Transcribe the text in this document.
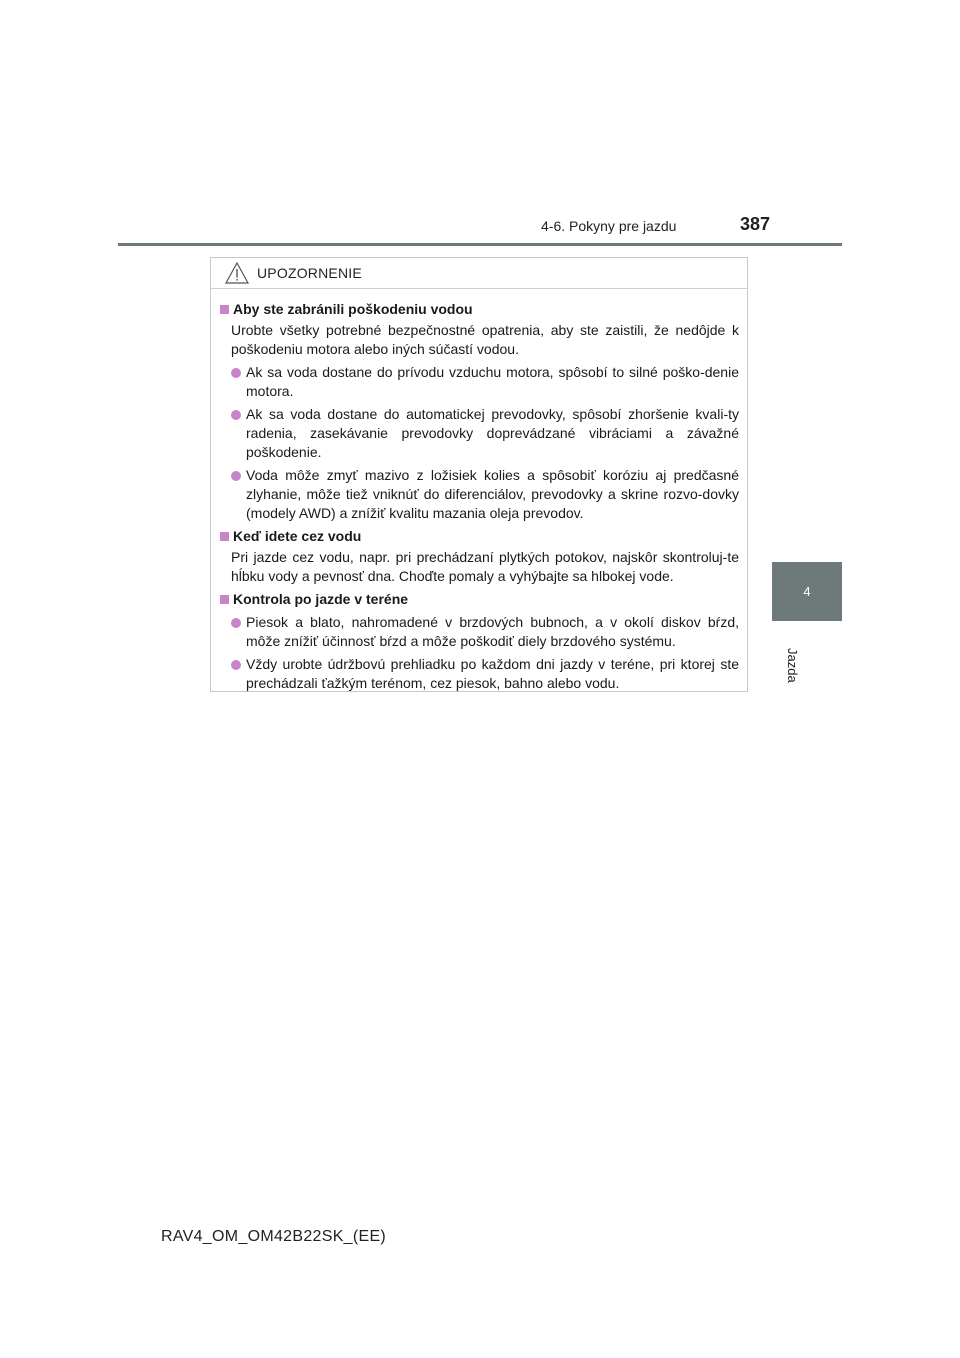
4-6. Pokyny pre jazdu	387
4
Jazda
UPOZORNENIE
Aby ste zabránili poškodeniu vodou
Urobte všetky potrebné bezpečnostné opatrenia, aby ste zaistili, že nedôjde k poškodeniu motora alebo iných súčastí vodou.
Ak sa voda dostane do prívodu vzduchu motora, spôsobí to silné poško-denie motora.
Ak sa voda dostane do automatickej prevodovky, spôsobí zhoršenie kvali-ty radenia, zasekávanie prevodovky doprevádzané vibráciami a závažné poškodenie.
Voda môže zmyť mazivo z ložisiek kolies a spôsobiť koróziu aj predčasné zlyhanie, môže tiež vniknúť do diferenciálov, prevodovky a skrine rozvo-dovky (modely AWD) a znížiť kvalitu mazania oleja prevodov.
Keď idete cez vodu
Pri jazde cez vodu, napr. pri prechádzaní plytkých potokov, najskôr skontroluj-te hĺbku vody a pevnosť dna. Choďte pomaly a vyhýbajte sa hlbokej vode.
Kontrola po jazde v teréne
Piesok a blato, nahromadené v brzdových bubnoch, a v okolí diskov bŕzd, môže znížiť účinnosť bŕzd a môže poškodiť diely brzdového systému.
Vždy urobte údržbovú prehliadku po každom dni jazdy v teréne, pri ktorej ste prechádzali ťažkým terénom, cez piesok, bahno alebo vodu.
RAV4_OM_OM42B22SK_(EE)
